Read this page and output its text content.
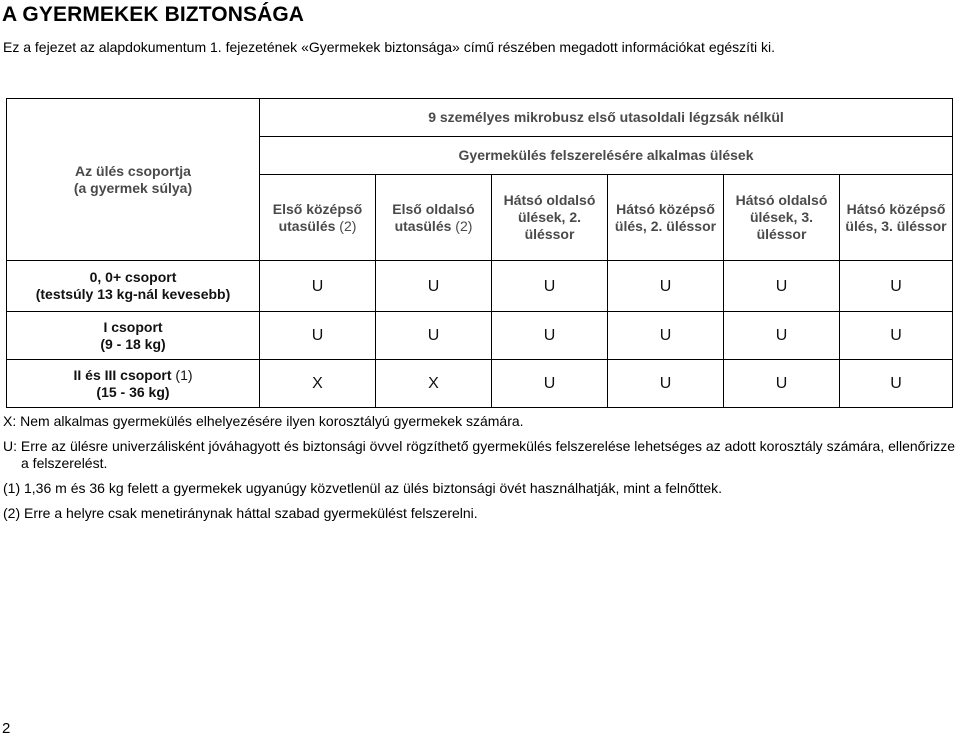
A GYERMEKEK BIZTONSÁGA
Ez a fejezet az alapdokumentum 1. fejezetének «Gyermekek biztonsága» című részében megadott információkat egészíti ki.
Az ülés csoportja
(a gyermek súlya)	9 személyes mikrobusz első utasoldali légzsák nélkül					
	Gyermekülés felszerelésére alkalmas ülések					
	Első középső utasülés (2)	Első oldalsó utasülés (2)	Hátsó oldalsó ülések, 2. üléssor	Hátsó középső ülés, 2. üléssor	Hátsó oldalsó ülések, 3. üléssor	Hátsó középső ülés, 3. üléssor

0, 0+ csoport
(testsúly 13 kg-nál kevesebb)	U	U	U	U	U	U

I csoport
(9 - 18 kg)	U	U	U	U	U	U

II és III csoport (1)
(15 - 36 kg)	X	X	U	U	U	U

X: Nem alkalmas gyermekülés elhelyezésére ilyen korosztályú gyermekek számára.

U: Erre az ülésre univerzálisként jóváhagyott és biztonsági övvel rögzíthető gyermekülés felszerelése lehetséges az adott korosztály számára, ellenőrizze a felszerelést.

(1) 1,36 m és 36 kg felett a gyermekek ugyanúgy közvetlenül az ülés biztonsági övét használhatják, mint a felnőttek.

(2) Erre a helyre csak menetiránynak háttal szabad gyermekülést felszerelni.

2
